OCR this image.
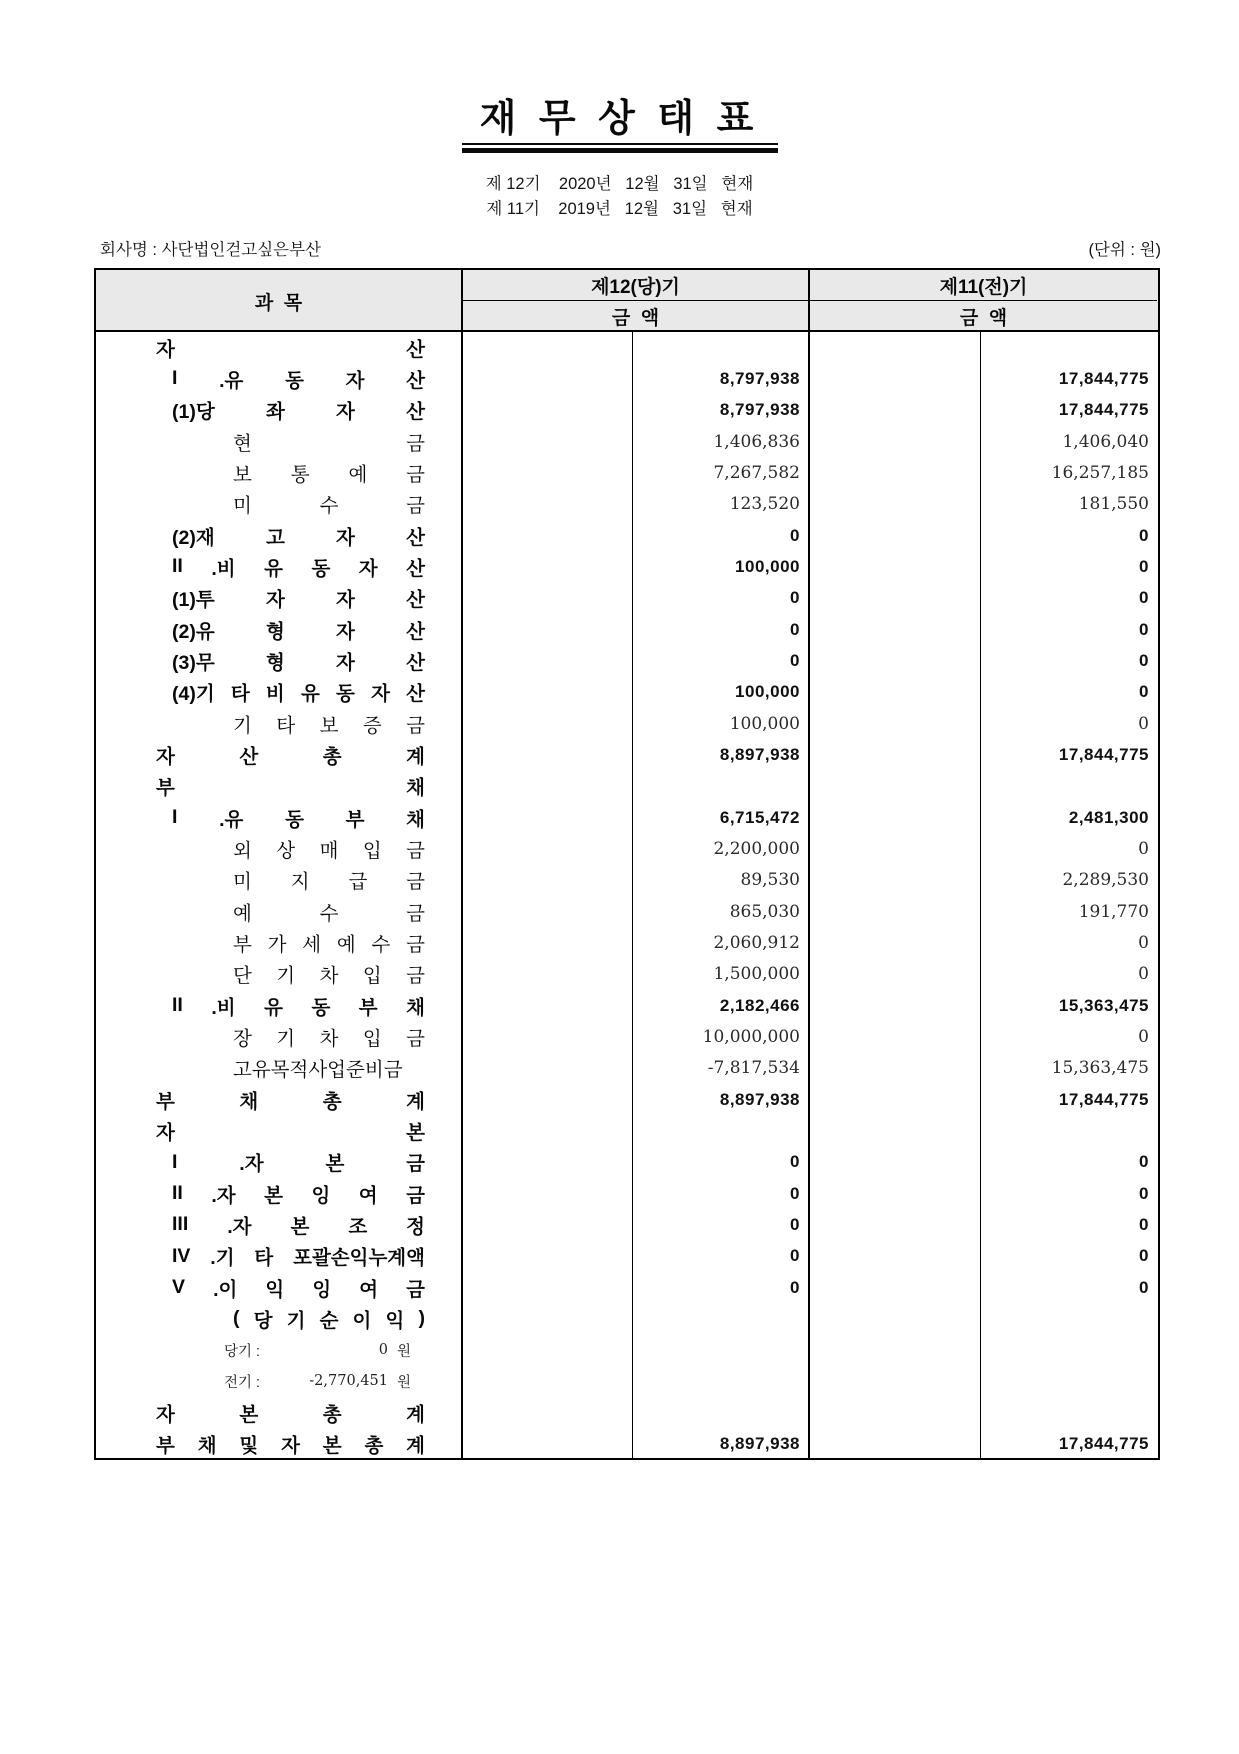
재 무 상 태 표
제 12기    2020년   12월   31일   현재
제 11기    2019년   12월   31일   현재
회사명 : 사단법인걷고싶은부산	(단위 : 원)
과  목
제12(당)기	제11(전)기
금  액	금  액
자	산
I .유 동 자 산	8,797,938	17,844,775
(1)당	좌	자	산	8,797,938	17,844,775
현	금	1,406,836	1,406,040
보 통 예 금	7,267,582	16,257,185
미	수	금	123,520	181,550
(2)재	고	자	산	0	0
II .비 유 동 자 산	100,000	0
(1)투	자	자	산	0	0
(2)유	형	자	산	0	0
(3)무	형	자	산	0	0
(4)기 타 비 유 동 자 산	100,000	0
기 타 보 증 금	100,000	0
자	산	총	계	8,897,938	17,844,775
부	채
I .유 동 부 채	6,715,472	2,481,300
외 상 매 입 금	2,200,000	0
미 지 급 금	89,530	2,289,530
예	수	금	865,030	191,770
부 가 세 예 수 금	2,060,912	0
단 기 차 입 금	1,500,000	0
II .비 유 동 부 채	2,182,466	15,363,475
장 기 차 입 금	10,000,000	0
고유목적사업준비금	-7,817,534	15,363,475
부	채	총	계	8,897,938	17,844,775
자	본
I	.자	본	금	0	0
II .자 본 잉 여 금	0	0
III .자 본 조 정	0	0
IV .기 타 포괄손익누계액	0	0
V .이 익 잉 여 금	0	0
( 당 기 순 이 익 )
당기 :	0 원
전기 :	-2,770,451 원
자	본	총	계
부 채 및 자 본 총 계	8,897,938	17,844,775
